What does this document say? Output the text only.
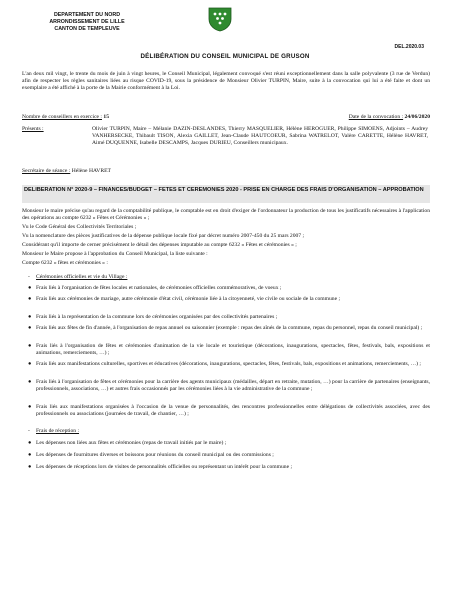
DEPARTEMENT DU NORD
ARRONDISSEMENT DE LILLE
CANTON DE TEMPLEUVE
DEL.2020.03
DÉLIBÉRATION DU CONSEIL MUNICIPAL DE GRUSON
L'an deux mil vingt, le trente du mois de juin à vingt heures, le Conseil Municipal, légalement convoqué s'est réuni exceptionnellement dans la salle polyvalente (3 rue de Verdun) afin de respecter les règles sanitaires liées au risque COVID-19, sous la présidence de Monsieur Olivier TURPIN, Maire, suite à la convocation qui lui a été faite et dont un exemplaire a été affiché à la porte de la Mairie conformément à la Loi.
Nombre de conseillers en exercice : 15	Date de la convocation : 24/06/2020
Présents :	Olivier TURPIN, Maire – Mélanie DAZIN-DESLANDES, Thierry MASQUELIER, Hélène HEROGUER, Philippe SIMOENS, Adjoints – Audrey VANHERSECKE, Thibault TISON, Alexia GAILLET, Jean-Claude HAUTCOEUR, Sabrina WATRELOT, Valère CARETTE, Hélène HAVRET, Aimé DUQUENNE, Isabelle DESCAMPS, Jacques DURIEU, Conseillers municipaux.
Secrétaire de séance : Hélène HAVRET
DELIBERATION N° 2020-9 – FINANCES/BUDGET – FETES ET CEREMONIES 2020 - PRISE EN CHARGE DES FRAIS D'ORGANISATION – APPROBATION
Monsieur le maire précise qu'au regard de la comptabilité publique, le comptable est en droit d'exiger de l'ordonnateur la production de tous les justificatifs nécessaires à l'application des opérations au compte 6232 « Fêtes et Cérémonies » ;
Vu le Code Général des Collectivités Territoriales ;
Vu la nomenclature des pièces justificatives de la dépense publique locale fixé par décret numéro 2007-450 du 25 mars 2007 ;
Considérant qu'il importe de cerner précisément le détail des dépenses imputable au compte 6232 « Fêtes et cérémonies » ;
Monsieur le Maire propose à l'approbation du Conseil Municipal, la liste suivante :
Compte 6232 « fêtes et cérémonies » :
- Cérémonies officielles et vie du Village :
● Frais liés à l'organisation de fêtes locales et nationales, de cérémonies officielles commémoratives, de voeux ;
● Frais liés aux cérémonies de mariage, autre cérémonie d'état civil, cérémonie liée à la citoyenneté, vie civile ou sociale de la commune ;
● Frais liés à la représentation de la commune lors de cérémonies organisées par des collectivités partenaires ;
● Frais liés aux fêtes de fin d'année, à l'organisation de repas annuel ou saisonnier (exemple : repas des aînés de la commune, repas du personnel, repas du conseil municipal) ;
● Frais liés à l'organisation de fêtes et cérémonies d'animation de la vie locale et touristique (décorations, inaugurations, spectacles, fêtes, festivals, bals, expositions et animations, remerciements, …) ;
● Frais liés aux manifestations culturelles, sportives et éducatives (décorations, inaugurations, spectacles, fêtes, festivals, bals, expositions et animations, remerciements, …) ;
● Frais liés à l'organisation de fêtes et cérémonies pour la carrière des agents municipaux (médailles, départ en retraite, mutation, …) pour la carrière de partenaires (enseignants, professionnels, associations, …) et autres frais occasionnés par les cérémonies liées à la vie administrative de la commune ;
● Frais liés aux manifestations organisées à l'occasion de la venue de personnalités, des rencontres professionnelles entre délégations de collectivités associées, avec des professionnels ou associations (journées de travail, de chantier, …) ;
- Frais de réception :
● Les dépenses non liées aux fêtes et cérémonies (repas de travail initiés par le maire) ;
● Les dépenses de fournitures diverses et boissons pour réunions du conseil municipal ou des commissions ;
● Les dépenses de réceptions lors de visites de personnalités officielles ou représentant un intérêt pour la commune ;
